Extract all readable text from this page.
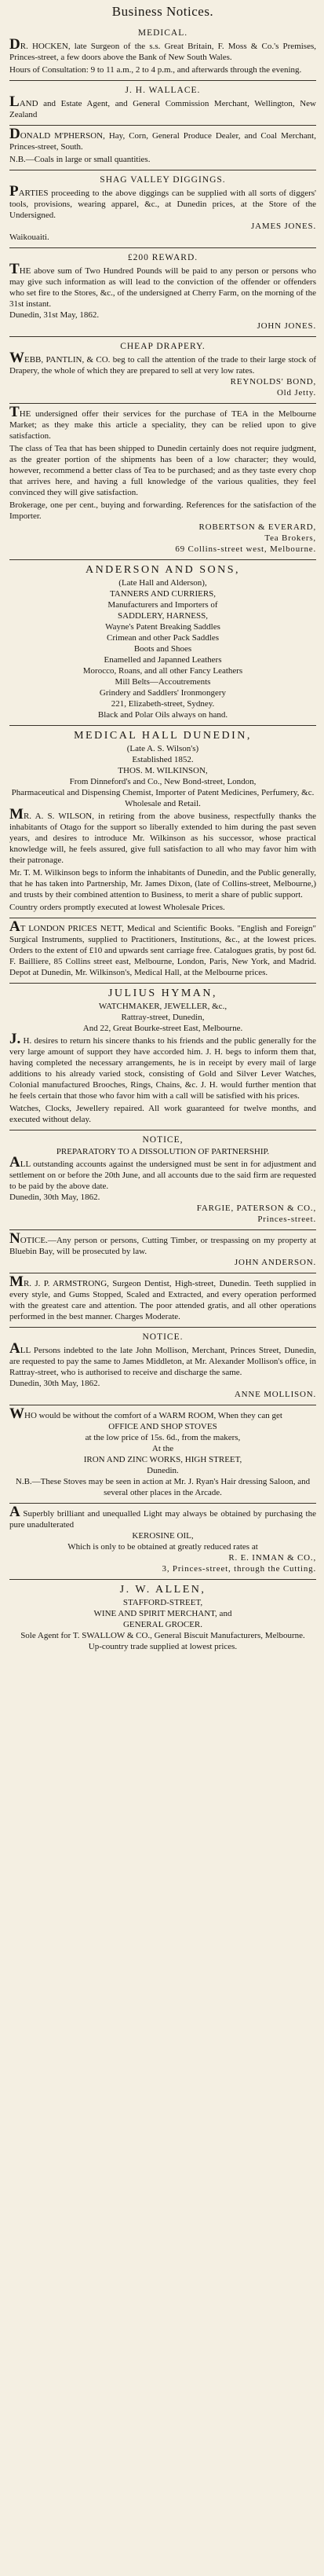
Business Notices.
MEDICAL.

DR. HOCKEN, late Surgeon of the s.s. Great Britain, F. Moss & Co.'s Premises, Princes-street, a few doors above the Bank of New South Wales.

Hours of Consultation: 9 to 11 a.m., 2 to 4 p.m., and afterwards through the evening.

J. H. WALLACE.

LAND and Estate Agent, and General Commission Merchant, Wellington, New Zealand

DONALD M'PHERSON, Hay, Corn, General Produce Dealer, and Coal Merchant, Princes-street, South.

N.B.—Coals in large or small quantities.

SHAG VALLEY DIGGINGS.

PARTIES proceeding to the above diggings can be supplied with all sorts of diggers' tools, provisions, wearing apparel, &c., at Dunedin prices, at the Store of the Undersigned.

JAMES JONES.
Waikouaiti.
£200 REWARD.

THE above sum of Two Hundred Pounds will be paid to any person or persons who may give such information as will lead to the conviction of the offender or offenders who set fire to the Stores, &c., of the undersigned at Cherry Farm, on the morning of the 31st instant.

Dunedin, 31st May, 1862.
JOHN JONES.
CHEAP DRAPERY.

WEBB, PANTLIN, & CO. beg to call the attention of the trade to their large stock of Drapery, the whole of which they are prepared to sell at very low rates.

REYNOLDS' BOND,
Old Jetty.

THE undersigned offer their services for the purchase of TEA in the Melbourne Market; as they make this article a speciality, they can be relied upon to give satisfaction.

The class of Tea that has been shipped to Dunedin certainly does not require judgment, as the greater portion of the shipments has been of a low character; they would, however, recommend a better class of Tea to be purchased; and as they taste every chop that arrives here, and having a full knowledge of the various qualities, they feel convinced they will give satisfaction.

Brokerage, one per cent., buying and forwarding. References for the satisfaction of the Importer.

ROBERTSON & EVERARD,
Tea Brokers,
69 Collins-street west, Melbourne.
ANDERSON AND SONS,
(Late Hall and Alderson),
TANNERS AND CURRIERS,
Manufacturers and Importers of
SADDLERY, HARNESS,
Wayne's Patent Breaking Saddles
Crimean and other Pack Saddles
Boots and Shoes
Enamelled and Japanned Leathers
Morocco, Roans, and all other Fancy Leathers
Mill Belts—Accoutrements
Grindery and Saddlers' Ironmongery
221, Elizabeth-street, Sydney.
Black and Polar Oils always on hand.
MEDICAL HALL DUNEDIN,
(Late A. S. Wilson's)
Established 1852.
THOS. M. WILKINSON,
From Dinneford's and Co., New Bond-street, London,
Pharmaceutical and Dispensing Chemist, Importer of Patent Medicines, Perfumery, &c.
Wholesale and Retail.

MR. A. S. WILSON, in retiring from the above business, respectfully thanks the inhabitants of Otago for the support so liberally extended to him during the past seven years, and desires to introduce Mr. Wilkinson as his successor, whose practical knowledge will, he feels assured, give full satisfaction to all who may favor him with their patronage.

Mr. T. M. Wilkinson begs to inform the inhabitants of Dunedin, and the Public generally, that he has taken into Partnership, Mr. James Dixon, (late of Collins-street, Melbourne,) and trusts by their combined attention to Business, to merit a share of public support.

Country orders promptly executed at lowest Wholesale Prices.

AT LONDON PRICES NETT, Medical and Scientific Books. "English and Foreign" Surgical Instruments, supplied to Practitioners, Institutions, &c., at the lowest prices. Orders to the extent of £10 and upwards sent carriage free. Catalogues gratis, by post 6d. F. Bailliere, 85 Collins street east, Melbourne, London, Paris, New York, and Madrid. Depot at Dunedin, Mr. Wilkinson's, Medical Hall, at the Melbourne prices.

JULIUS HYMAN,
WATCHMAKER, JEWELLER, &c.,
Rattray-street, Dunedin,
And 22, Great Bourke-street East, Melbourne.

J. H. desires to return his sincere thanks to his friends and the public generally for the very large amount of support they have accorded him. J. H. begs to inform them that, having completed the necessary arrangements, he is in receipt by every mail of large additions to his already varied stock, consisting of Gold and Silver Lever Watches, Colonial manufactured Brooches, Rings, Chains, &c. J. H. would further mention that he feels certain that those who favor him with a call will be satisfied with his prices.

Watches, Clocks, Jewellery repaired. All work guaranteed for twelve months, and executed without delay.

NOTICE,
PREPARATORY TO A DISSOLUTION OF PARTNERSHIP.

ALL outstanding accounts against the undersigned must be sent in for adjustment and settlement on or before the 20th June, and all accounts due to the said firm are requested to be paid by the above date.

Dunedin, 30th May, 1862.
FARGIE, PATERSON & CO.,
Princes-street.

NOTICE.—Any person or persons, Cutting Timber, or trespassing on my property at Bluebin Bay, will be prosecuted by law.

JOHN ANDERSON.

MR. J. P. ARMSTRONG, Surgeon Dentist, High-street, Dunedin. Teeth supplied in every style, and Gums Stopped, Scaled and Extracted, and every operation performed with the greatest care and attention. The poor attended gratis, and all other operations performed in the best manner. Charges Moderate.

NOTICE.

ALL Persons indebted to the late John Mollison, Merchant, Princes Street, Dunedin, are requested to pay the same to James Middleton, at Mr. Alexander Mollison's office, in Rattray-street, who is authorised to receive and discharge the same.

Dunedin, 30th May, 1862.
ANNE MOLLISON.

WHO would be without the comfort of a WARM ROOM, When they can get

OFFICE AND SHOP STOVES
at the low price of 15s. 6d., from the makers,
At the
IRON AND ZINC WORKS, HIGH STREET,
Dunedin.
N.B.—These Stoves may be seen in action at Mr. J. Ryan's Hair dressing Saloon, and several other places in the Arcade.

A Superbly brilliant and unequalled Light may always be obtained by purchasing the pure unadulterated

KEROSINE OIL,
Which is only to be obtained at greatly reduced rates at
R. E. INMAN & CO.,
3, Princes-street, through the Cutting.
J. W. ALLEN,
STAFFORD-STREET,
WINE AND SPIRIT MERCHANT, and
GENERAL GROCER.
Sole Agent for T. SWALLOW & CO., General Biscuit Manufacturers, Melbourne.
Up-country trade supplied at lowest prices.
